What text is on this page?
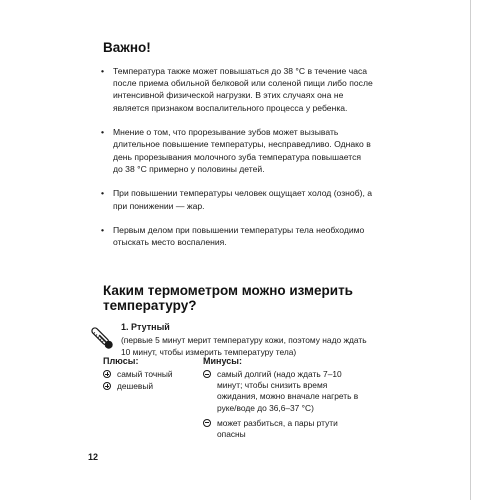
Важно!
• Температура также может повышаться до 38 °С в течение часа после приема обильной белковой или соленой пищи либо после интенсивной физической нагрузки. В этих случаях она не является признаком воспалительного процесса у ребенка.
• Мнение о том, что прорезывание зубов может вызывать длительное повышение температуры, несправедливо. Однако в день прорезывания молочного зуба температура повышается до 38 °С примерно у половины детей.
• При повышении температуры человек ощущает холод (озноб), а при понижении — жар.
• Первым делом при повышении температуры тела необходимо отыскать место воспаления.
Каким термометром можно измерить температуру?
1. Ртутный
(первые 5 минут мерит температуру кожи, поэтому надо ждать 10 минут, чтобы измерить температуру тела)
Плюсы:	Минусы:
самый точный
дешевый
самый долгий (надо ждать 7–10 минут; чтобы снизить время ожидания, можно вначале нагреть в руке/воде до 36,6–37 °С)
может разбиться, а пары ртути опасны
12
